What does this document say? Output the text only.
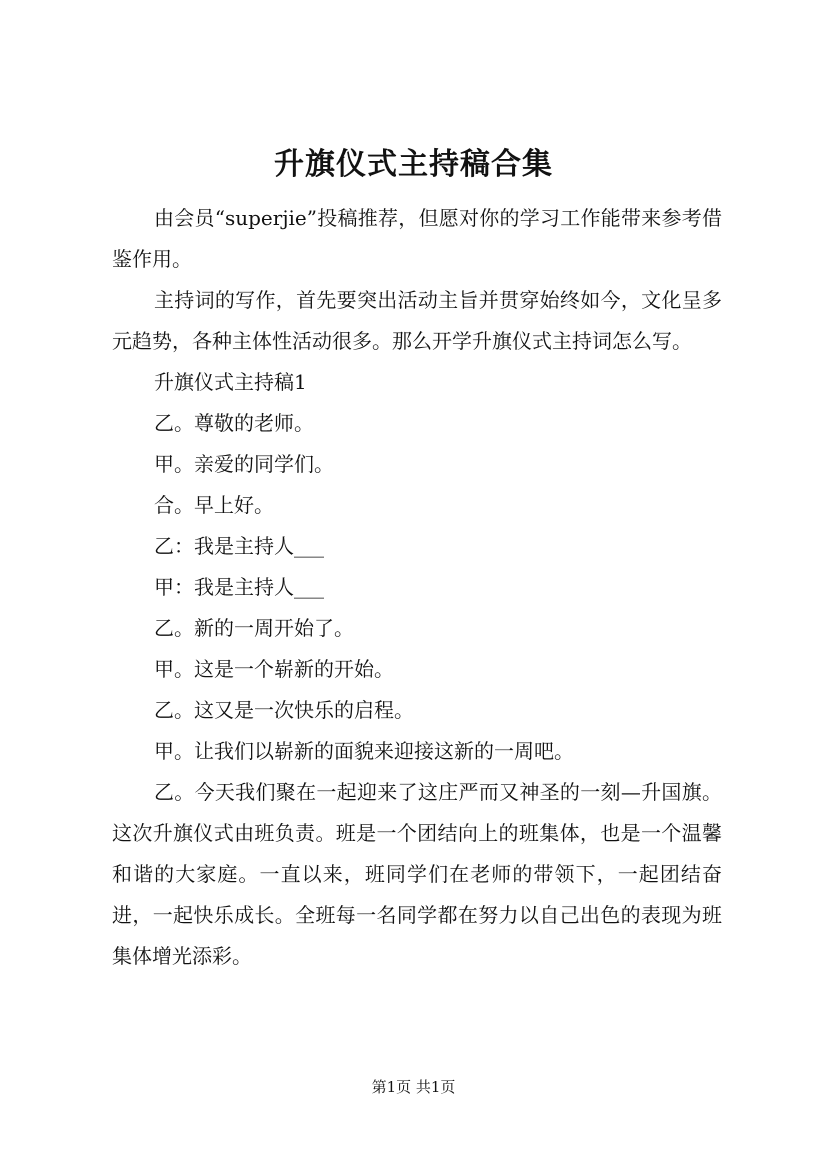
升旗仪式主持稿合集

由会员“superjie”投稿推荐，但愿对你的学习工作能带来参考借鉴作用。

主持词的写作，首先要突出活动主旨并贯穿始终如今，文化呈多元趋势，各种主体性活动很多。那么开学升旗仪式主持词怎么写。

升旗仪式主持稿1

乙。尊敬的老师。

甲。亲爱的同学们。

合。早上好。

乙：我是主持人___

甲：我是主持人___

乙。新的一周开始了。

甲。这是一个崭新的开始。

乙。这又是一次快乐的启程。

甲。让我们以崭新的面貌来迎接这新的一周吧。

乙。今天我们聚在一起迎来了这庄严而又神圣的一刻—升国旗。这次升旗仪式由班负责。班是一个团结向上的班集体，也是一个温馨和谐的大家庭。一直以来，班同学们在老师的带领下，一起团结奋进，一起快乐成长。全班每一名同学都在努力以自己出色的表现为班集体增光添彩。

第1页 共1页
